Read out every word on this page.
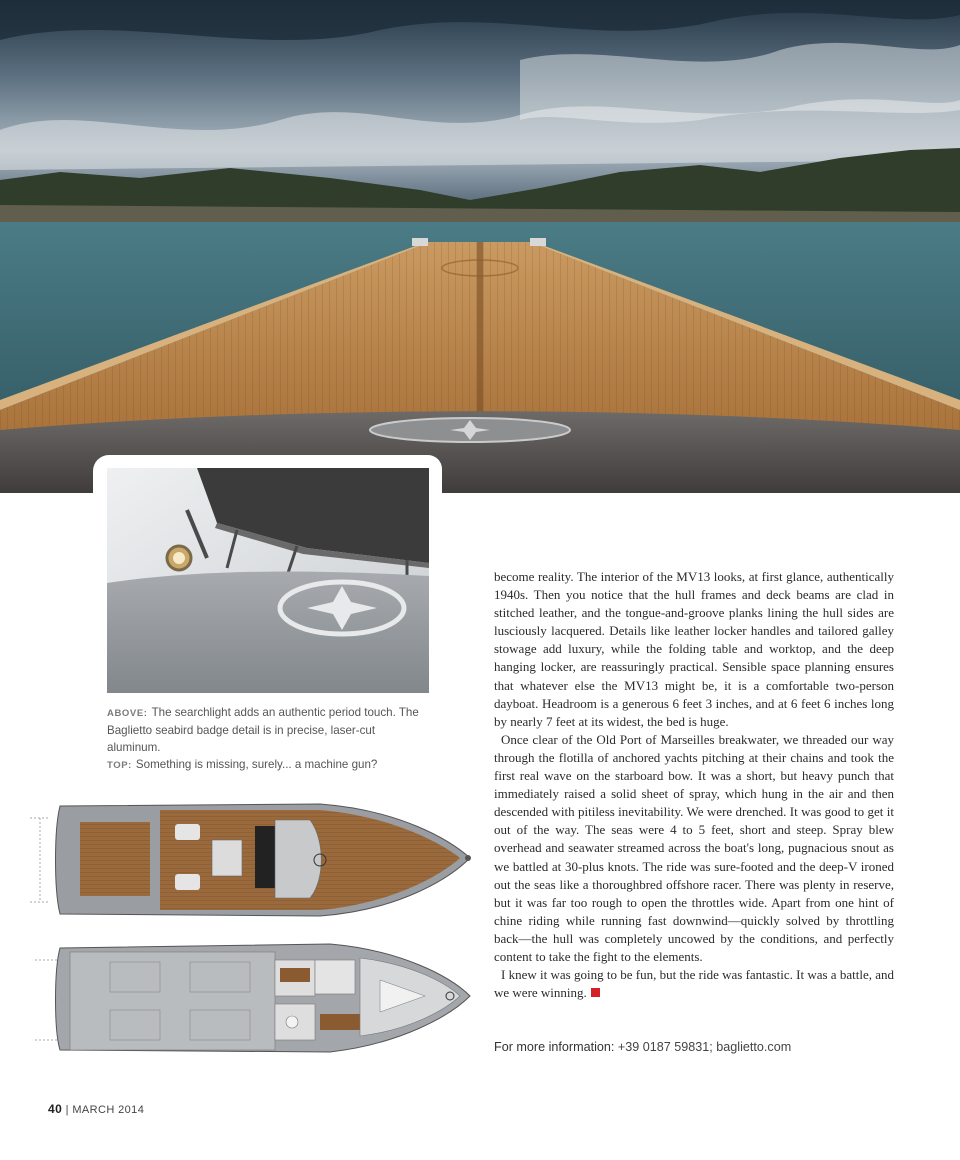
ABOVE: The searchlight adds an authentic period touch. The Baglietto seabird badge detail is in precise, laser-cut aluminum.
TOP: Something is missing, surely... a machine gun?

become reality. The interior of the MV13 looks, at first glance, authentically 1940s. Then you notice that the hull frames and deck beams are clad in stitched leather, and the tongue-and-groove planks lining the hull sides are lusciously lacquered. Details like leather locker handles and tailored galley stowage add luxury, while the folding table and worktop, and the deep hanging locker, are reassuringly practical. Sensible space planning ensures that whatever else the MV13 might be, it is a comfortable two-person dayboat. Headroom is a generous 6 feet 3 inches, and at 6 feet 6 inches long by nearly 7 feet at its widest, the bed is huge.

Once clear of the Old Port of Marseilles breakwater, we threaded our way through the flotilla of anchored yachts pitching at their chains and took the first real wave on the starboard bow. It was a short, but heavy punch that immediately raised a solid sheet of spray, which hung in the air and then descended with pitiless inevitability. We were drenched. It was good to get it out of the way. The seas were 4 to 5 feet, short and steep. Spray blew overhead and seawater streamed across the boat's long, pugnacious snout as we battled at 30-plus knots. The ride was sure-footed and the deep-V ironed out the seas like a thoroughbred offshore racer. There was plenty in reserve, but it was far too rough to open the throttles wide. Apart from one hint of chine riding while running fast downwind—quickly solved by throttling back—the hull was completely uncowed by the conditions, and perfectly content to take the fight to the elements.

I knew it was going to be fun, but the ride was fantastic. It was a battle, and we were winning.

For more information: +39 0187 59831; baglietto.com
40 | MARCH 2014
